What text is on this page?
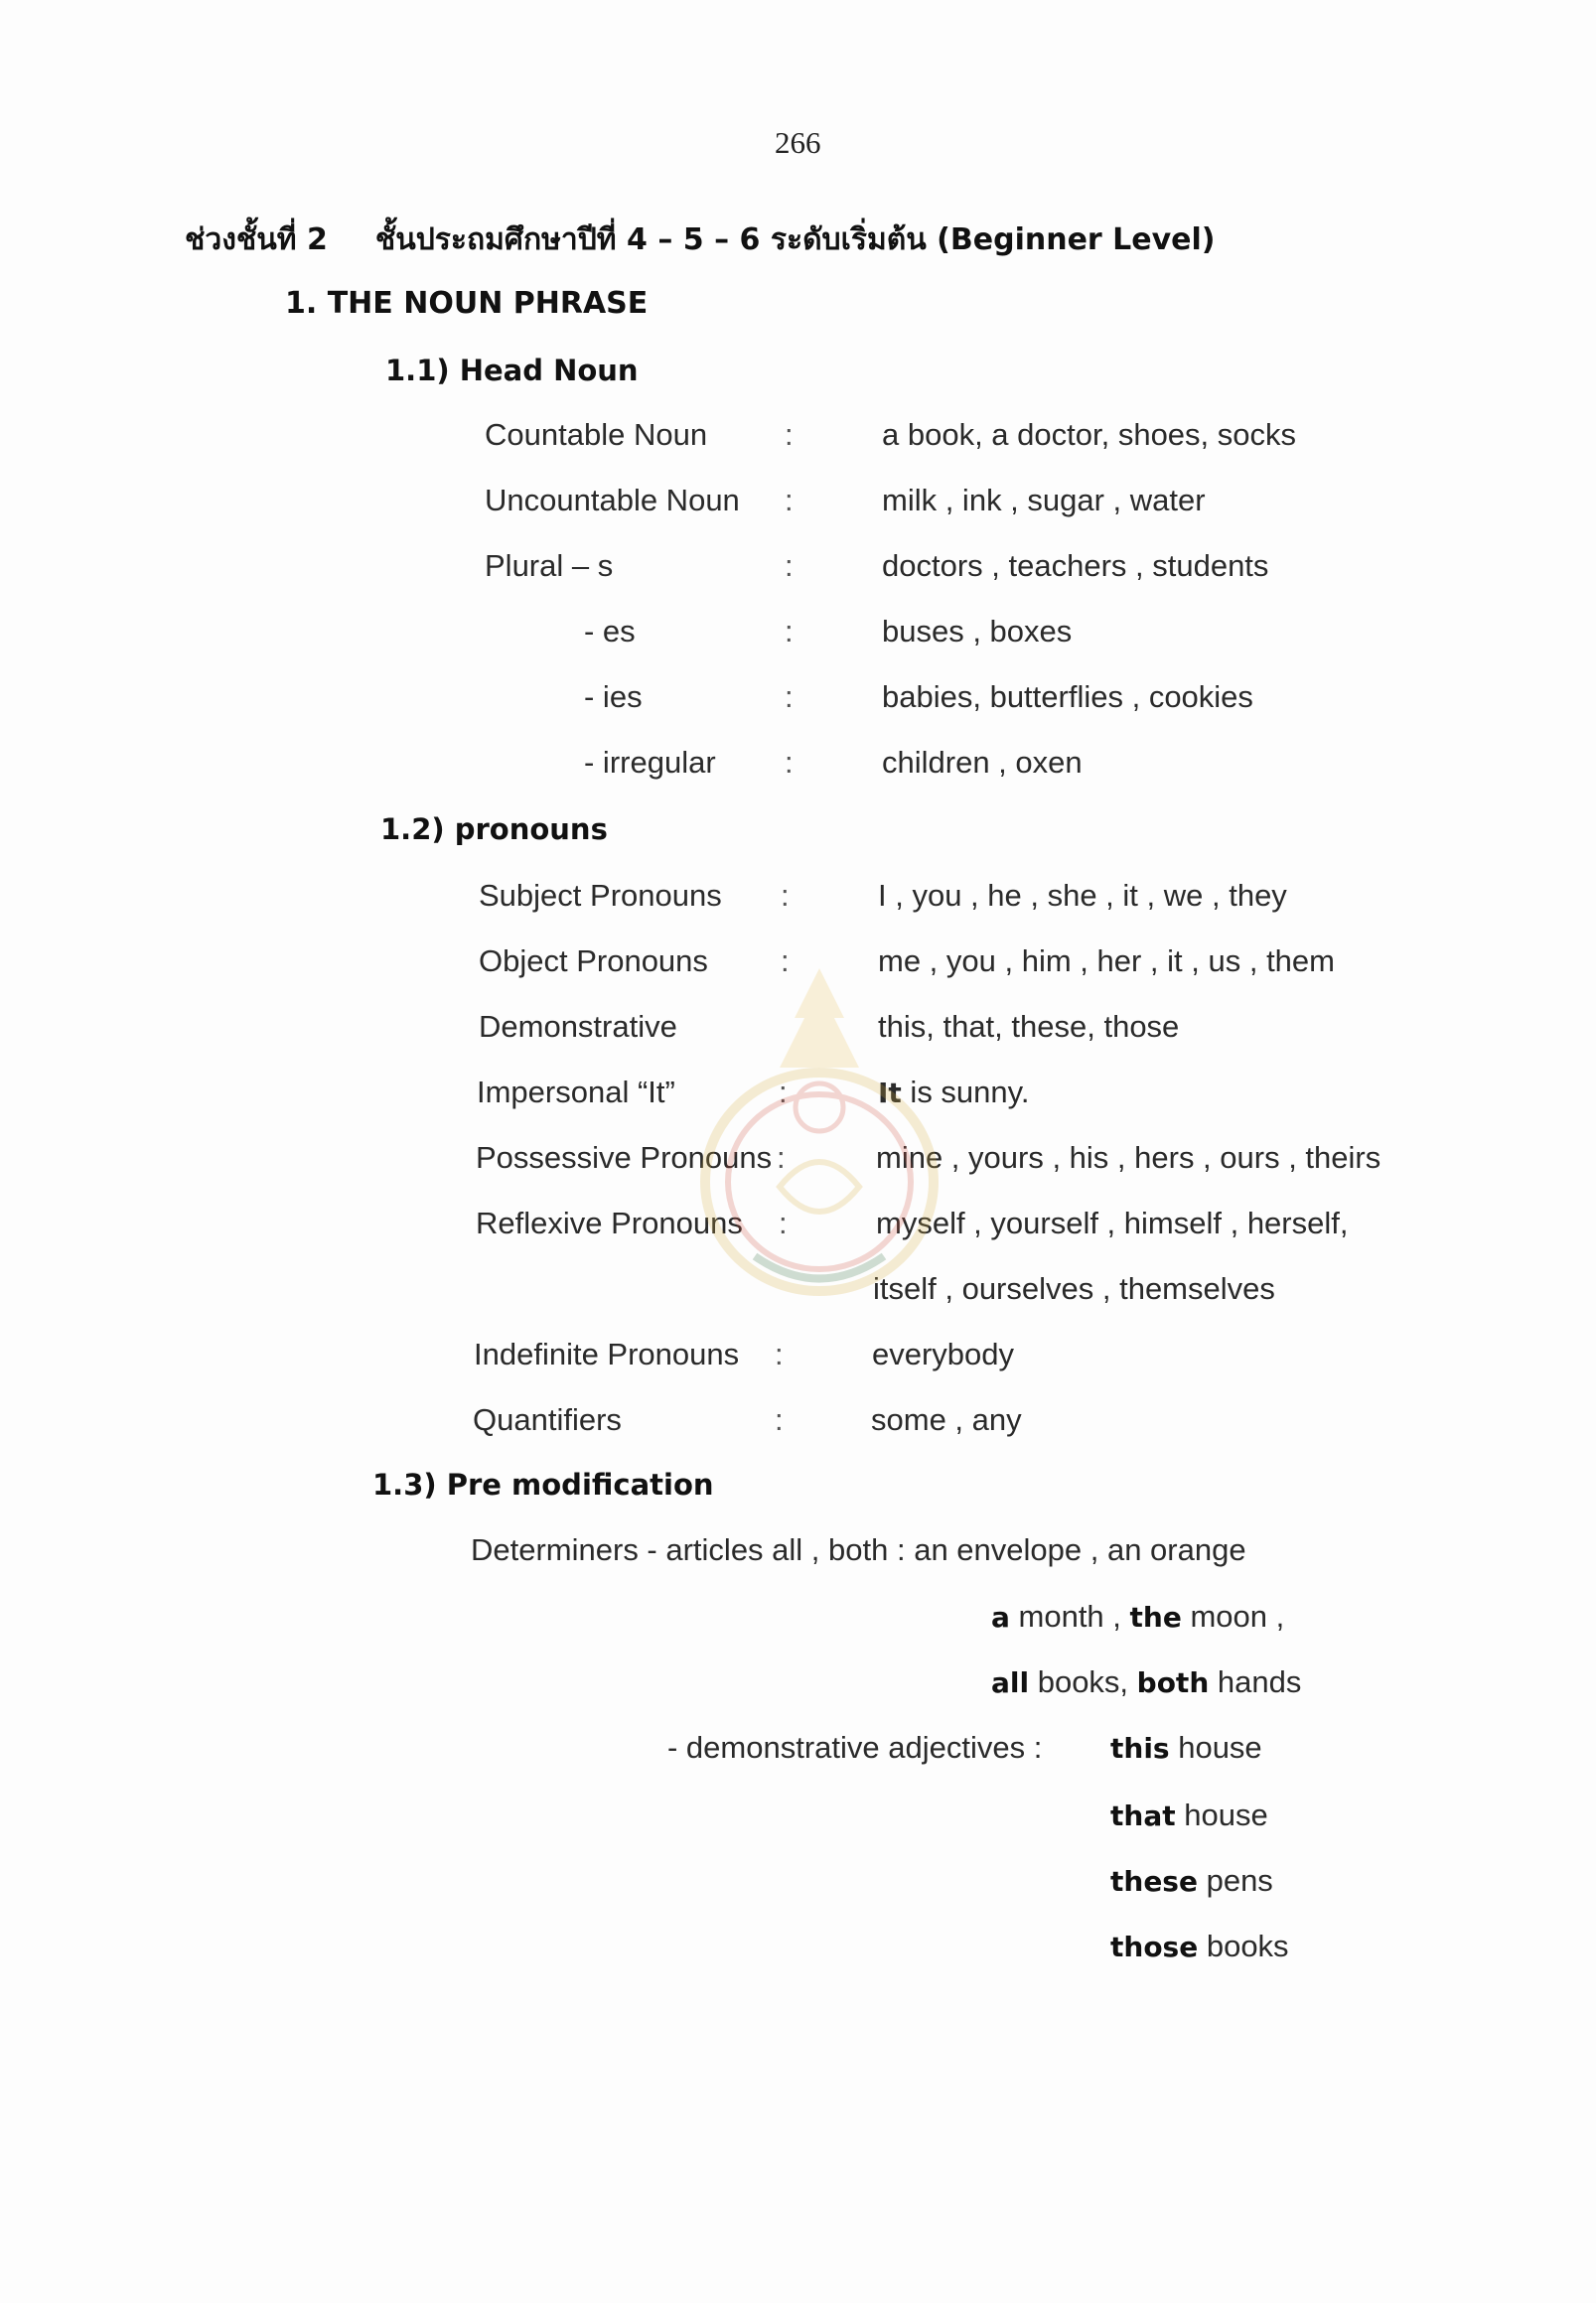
266
ช่วงชั้นที่ 2 ชั้นประถมศึกษาปีที่ 4 – 5 – 6 ระดับเริ่มต้น (Beginner Level)
1. THE NOUN PHRASE
1.1) Head Noun
Countable Noun	:	a book, a doctor, shoes, socks
Uncountable Noun :	milk , ink , sugar , water
Plural – s	:	doctors , teachers , students
- es	:	buses , boxes
- ies	:	babies, butterflies , cookies
- irregular :	children , oxen
1.2) pronouns
Subject Pronouns :	I , you , he , she , it , we , they
Object Pronouns :	me , you , him , her , it , us , them
Demonstrative	this, that, these, those
Impersonal “It”	:	It is sunny.
Possessive Pronouns :	mine , yours , his , hers , ours , theirs
Reflexive Pronouns :	myself , yourself , himself , herself,
itself , ourselves , themselves
Indefinite Pronouns :	everybody
Quantifiers	:	some , any
1.3) Pre modification
Determiners - articles all , both : an envelope , an orange
a month , the moon ,
all books, both hands
- demonstrative adjectives : this house
that house
these pens
those books
